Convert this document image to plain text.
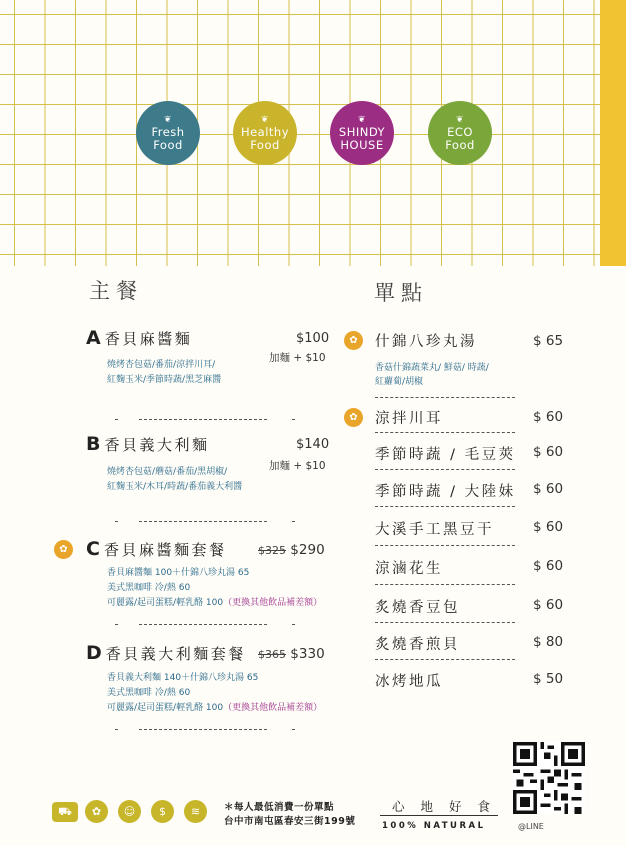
❦
Fresh
Food
❦
Healthy
Food
❦
SHINDY
HOUSE
❦
ECO
Food
主餐	單點
A 香貝麻醬麵	$100
加麵 + $10
燒烤杏包菇/番茄/涼拌川耳/
紅麴玉米/季節時蔬/黑芝麻醬
B 香貝義大利麵	$140
加麵 + $10
燒烤杏包菇/蘑菇/番茄/黑胡椒/
紅麴玉米/木耳/時蔬/番茄義大利醬
✿ C 香貝麻醬麵套餐	$325 $290
香貝麻醬麵 100＋什錦八珍丸湯 65
美式黑咖啡 冷/熱 60
可麗露/起司蛋糕/輕乳酪 100（更換其他飲品補差額）
D 香貝義大利麵套餐 $365 $330
香貝義大利麵 140＋什錦八珍丸湯 65
美式黑咖啡 冷/熱 60
可麗露/起司蛋糕/輕乳酪 100（更換其他飲品補差額）
✿	什錦八珍丸湯	$ 65
香菇什錦蔬菜丸/ 鮮菇/ 時蔬/
紅蘿蔔/胡椒
✿	涼拌川耳	$ 60
季節時蔬 / 毛豆莢 $ 60
季節時蔬 / 大陸妹 $ 60
大溪手工黑豆干	$ 60
涼滷花生	$ 60
炙燒香豆包	$ 60
炙燒香煎貝	$ 80
冰烤地瓜	$ 50
⛟	✿	☺	$	≋	＊每人最低消費一份單點
台中市南屯區春安三街199號
心地好食
100% NATURAL	@LINE
